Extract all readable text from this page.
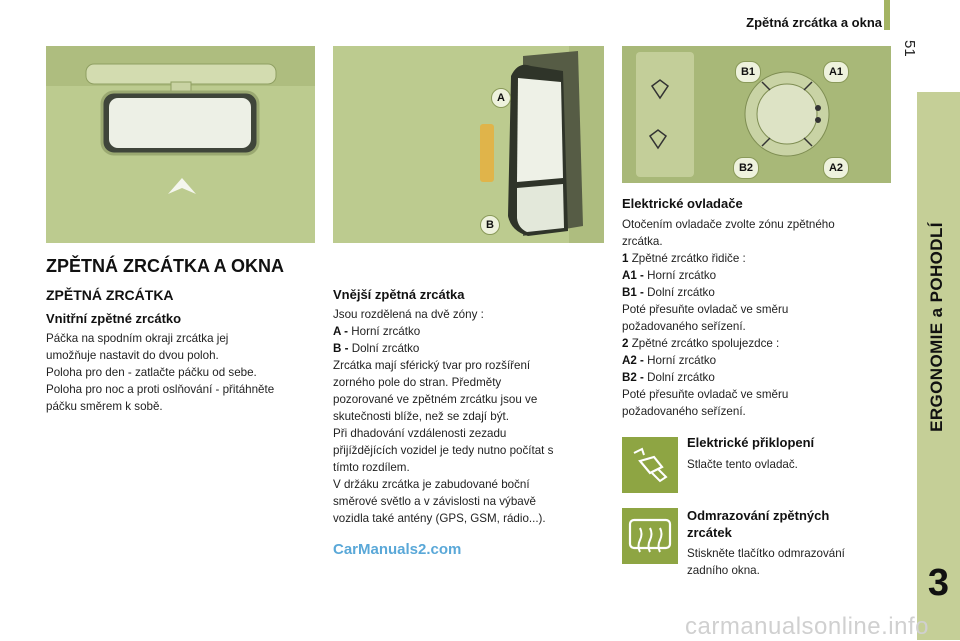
Zpětná zrcátka a okna
51
ERGONOMIE a POHODLÍ
3
A
B
B1	A1
B2	A2
ZPĚTNÁ ZRCÁTKA A OKNA
ZPĚTNÁ ZRCÁTKA
Vnitřní zpětné zrcátko
Páčka na spodním okraji zrcátka jej
umožňuje nastavit do dvou poloh.
Poloha pro den - zatlačte páčku od sebe.
Poloha pro noc a proti oslňování - přitáhněte
páčku směrem k sobě.
Vnější zpětná zrcátka
Jsou rozdělená na dvě zóny :
A - Horní zrcátko
B - Dolní zrcátko
Zrcátka mají sférický tvar pro rozšíření
zorného pole do stran. Předměty
pozorované ve zpětném zrcátku jsou ve
skutečnosti blíže, než se zdají být.
Při dhadování vzdálenosti zezadu
přijíždějících vozidel je tedy nutno počítat s
tímto rozdílem.
V držáku zrcátka je zabudované boční
směrové světlo a v závislosti na výbavě
vozidla také antény (GPS, GSM, rádio...).
Elektrické ovladače
Otočením ovladače zvolte zónu zpětného
zrcátka.
1 Zpětné zrcátko řidiče :
A1 - Horní zrcátko
B1 - Dolní zrcátko
Poté přesuňte ovladač ve směru
požadovaného seřízení.
2 Zpětné zrcátko spolujezdce :
A2 - Horní zrcátko
B2 - Dolní zrcátko
Poté přesuňte ovladač ve směru
požadovaného seřízení.
Elektrické přiklopení
Stlačte tento ovladač.
Odmrazování zpětných
zrcátek
Stiskněte tlačítko odmrazování
zadního okna.
CarManuals2.com
carmanualsonline.info
